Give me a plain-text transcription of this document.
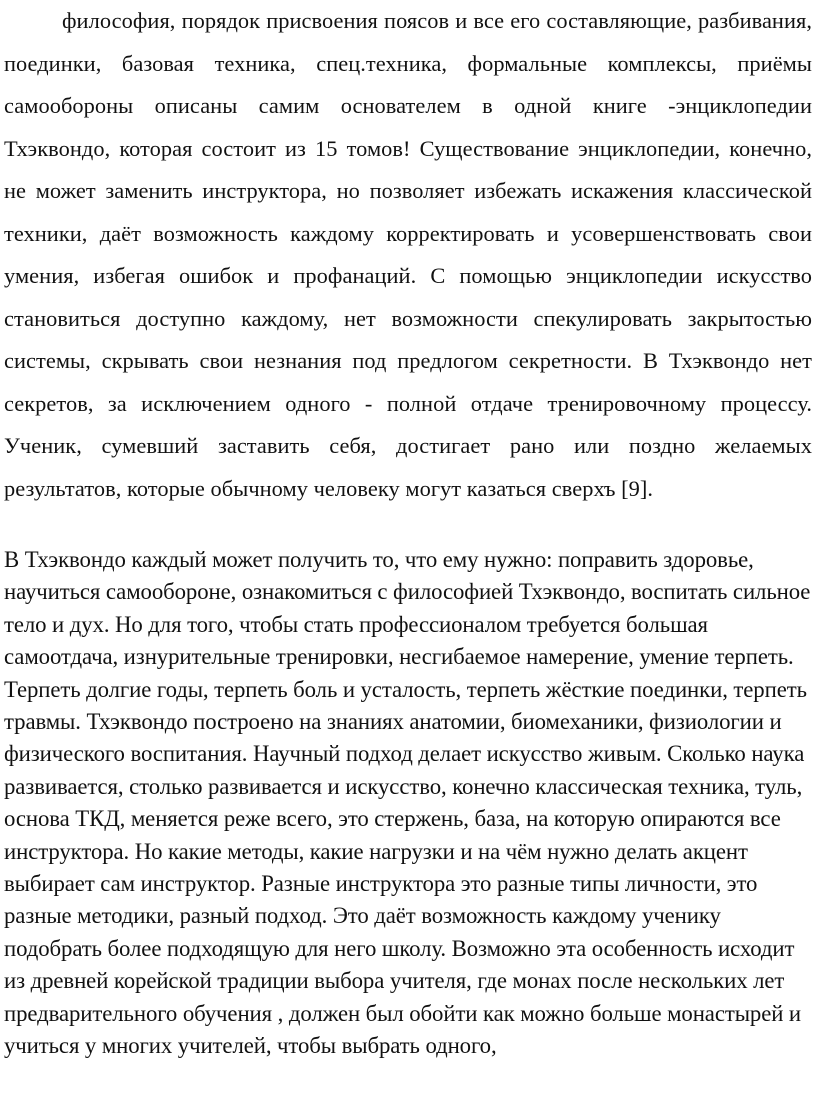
философия, порядок присвоения поясов и все его составляющие, разбивания, поединки, базовая техника, спец.техника, формальные комплексы, приёмы самообороны описаны самим основателем в одной книге -энциклопедии Тхэквондо, которая состоит из 15 томов! Существование энциклопедии, конечно, не может заменить инструктора, но позволяет избежать искажения классической техники, даёт возможность каждому корректировать и усовершенствовать свои умения, избегая ошибок и профанаций. С помощью энциклопедии искусство становиться доступно каждому, нет возможности спекулировать закрытостью системы, скрывать свои незнания под предлогом секретности. В Тхэквондо нет секретов, за исключением одного - полной отдаче тренировочному процессу. Ученик, сумевший заставить себя, достигает рано или поздно желаемых результатов, которые обычному человеку могут казаться сверхъ [9].

В Тхэквондо каждый может получить то, что ему нужно: поправить здоровье, научиться самообороне, ознакомиться с философией Тхэквондо, воспитать сильное тело и дух. Но для того, чтобы стать профессионалом требуется большая самоотдача, изнурительные тренировки, несгибаемое намерение, умение терпеть. Терпеть долгие годы, терпеть боль и усталость, терпеть жёсткие поединки, терпеть травмы. Тхэквондо построено на знаниях анатомии, биомеханики, физиологии и физического воспитания. Научный подход делает искусство живым. Сколько наука развивается, столько развивается и искусство, конечно классическая техника, туль, основа ТКД, меняется реже всего, это стержень, база, на которую опираются все инструктора. Но какие методы, какие нагрузки и на чём нужно делать акцент выбирает сам инструктор. Разные инструктора это разные типы личности, это разные методики, разный подход. Это даёт возможность каждому ученику подобрать более подходящую для него школу. Возможно эта особенность исходит из древней корейской традиции выбора учителя, где монах после нескольких лет предварительного обучения , должен был обойти как можно больше монастырей и учиться у многих учителей, чтобы выбрать одного,
